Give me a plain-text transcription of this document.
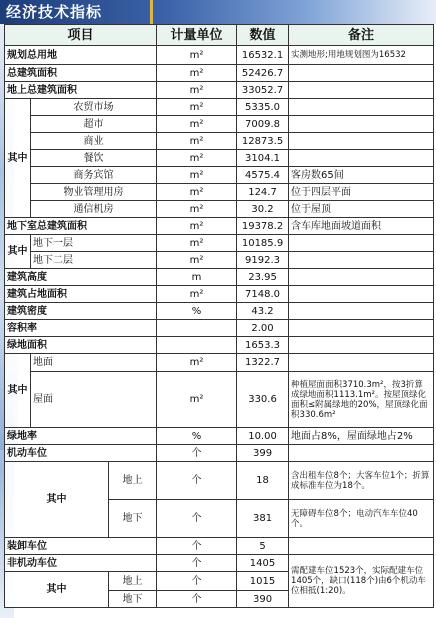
经济技术指标
项目			计量单位	数值	备注
规划总用地			m²	16532.1	实测地形;用地规划图为16532
总建筑面积			m²	52426.7	
地上总建筑面积			m²	33052.7	
其中	农贸市场		m²	5335.0	
	超市		m²	7009.8	
	商业		m²	12873.5	
	餐饮		m²	3104.1	
	商务宾馆		m²	4575.4	客房数65间
	物业管理用房		m²	124.7	位于四层平面
	通信机房		m²	30.2	位于屋顶
地下室总建筑面积			m²	19378.2	含车库地面坡道面积
其中	地下一层		m²	10185.9	
	地下二层		m²	9192.3	
建筑高度			m	23.95	
建筑占地面积			m²	7148.0	
建筑密度			%	43.2	
容积率				2.00	
绿地面积				1653.3	
其中	地面		m²	1322.7	
	屋面		m²	330.6	种植屋面面积3710.3m²，按3折算成绿地面积1113.1m²。按屋顶绿化面积≤附属绿地的20%，屋顶绿化面积330.6m²
绿地率			%	10.00	地面占8%，屋面绿地占2%
机动车位			个	399	
其中		地上	个	18	含出租车位8个；大客车位1个；折算成标准车位为18个。
		地下	个	381	无障碍车位8个；电动汽车车位40个。
装卸车位			个	5	
非机动车位			个	1405	需配建车位1523个，实际配建车位1405个，缺口(118个)由6个机动车位相抵(1:20)。
其中		地上	个	1015	
		地下	个	390	
